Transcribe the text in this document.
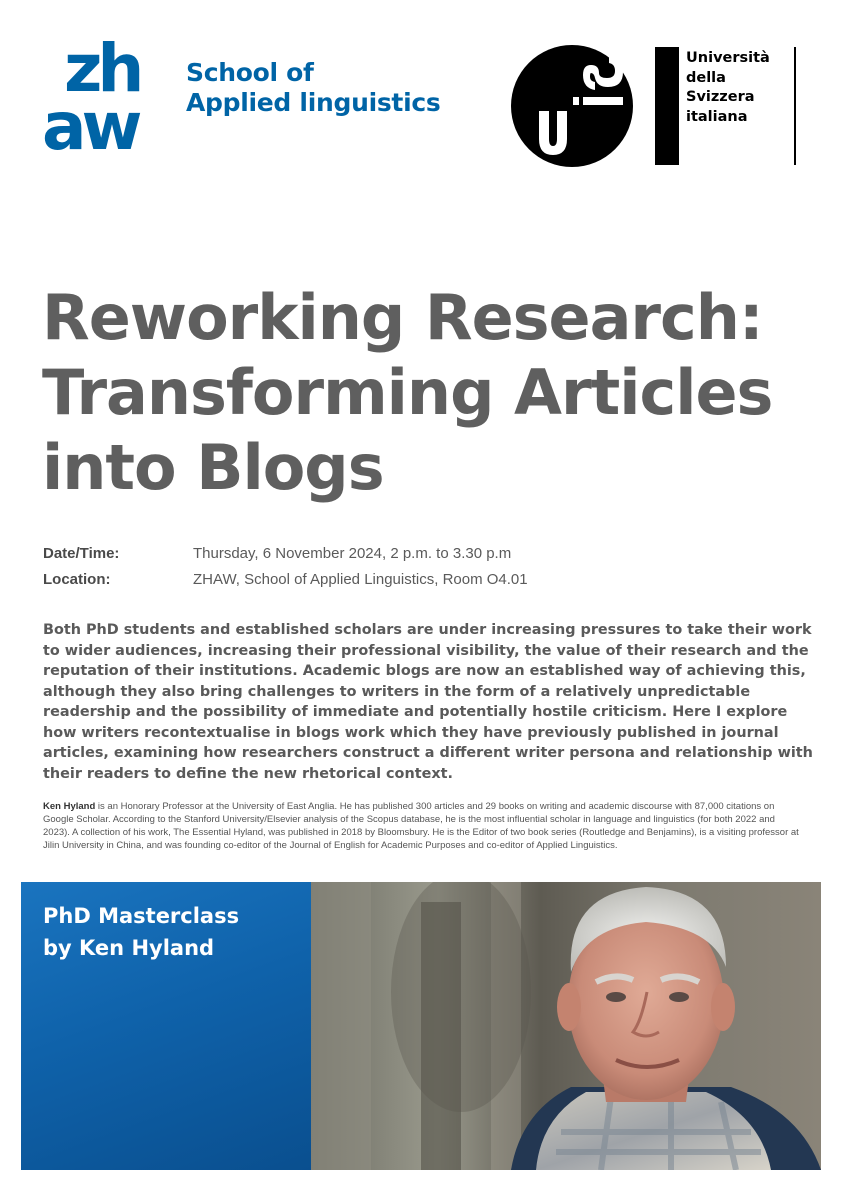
zh
aw
School of
Applied linguistics
Università
della
Svizzera
italiana
Reworking Research:
Transforming Articles
into Blogs
Date/Time:	Thursday, 6 November 2024, 2 p.m. to 3.30 p.m
Location:	ZHAW, School of Applied Linguistics, Room O4.01

Both PhD students and established scholars are under increasing pressures to take their work to wider audiences, increasing their professional visibility, the value of their research and the reputation of their institutions. Academic blogs are now an established way of achieving this, although they also bring challenges to writers in the form of a relatively unpredictable readership and the possibility of immediate and potentially hostile criticism. Here I explore how writers recontextualise in blogs work which they have previously published in journal articles, examining how researchers construct a different writer persona and relationship with their readers to define the new rhetorical context.

Ken Hyland is an Honorary Professor at the University of East Anglia. He has published 300 articles and 29 books on writing and academic discourse with 87,000 citations on Google Scholar. According to the Stanford University/Elsevier analysis of the Scopus database, he is the most influential scholar in language and linguistics (for both 2022 and 2023). A collection of his work, The Essential Hyland, was published in 2018 by Bloomsbury. He is the Editor of two book series (Routledge and Benjamins), is a visiting professor at Jilin University in China, and was founding co-editor of the Journal of English for Academic Purposes and co-editor of Applied Linguistics.

PhD Masterclass
by Ken Hyland
